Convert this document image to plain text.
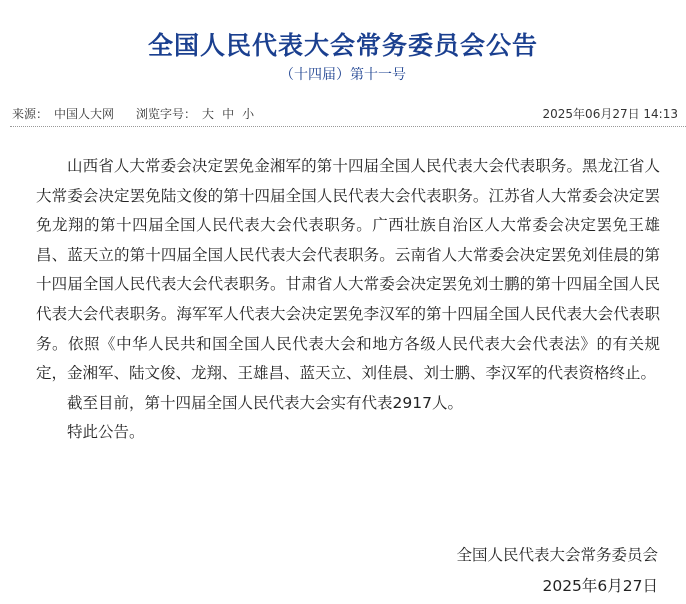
全国人民代表大会常务委员会公告
（十四届）第十一号
来源： 中国人大网 浏览字号： 大 中 小	2025年06月27日 14:13

山西省人大常委会决定罢免金湘军的第十四届全国人民代表大会代表职务。黑龙江省人大常委会决定罢免陆文俊的第十四届全国人民代表大会代表职务。江苏省人大常委会决定罢免龙翔的第十四届全国人民代表大会代表职务。广西壮族自治区人大常委会决定罢免王雄昌、蓝天立的第十四届全国人民代表大会代表职务。云南省人大常委会决定罢免刘佳晨的第十四届全国人民代表大会代表职务。甘肃省人大常委会决定罢免刘士鹏的第十四届全国人民代表大会代表职务。海军军人代表大会决定罢免李汉军的第十四届全国人民代表大会代表职务。依照《中华人民共和国全国人民代表大会和地方各级人民代表大会代表法》的有关规定，金湘军、陆文俊、龙翔、王雄昌、蓝天立、刘佳晨、刘士鹏、李汉军的代表资格终止。

截至目前，第十四届全国人民代表大会实有代表2917人。

特此公告。

全国人民代表大会常务委员会
2025年6月27日
